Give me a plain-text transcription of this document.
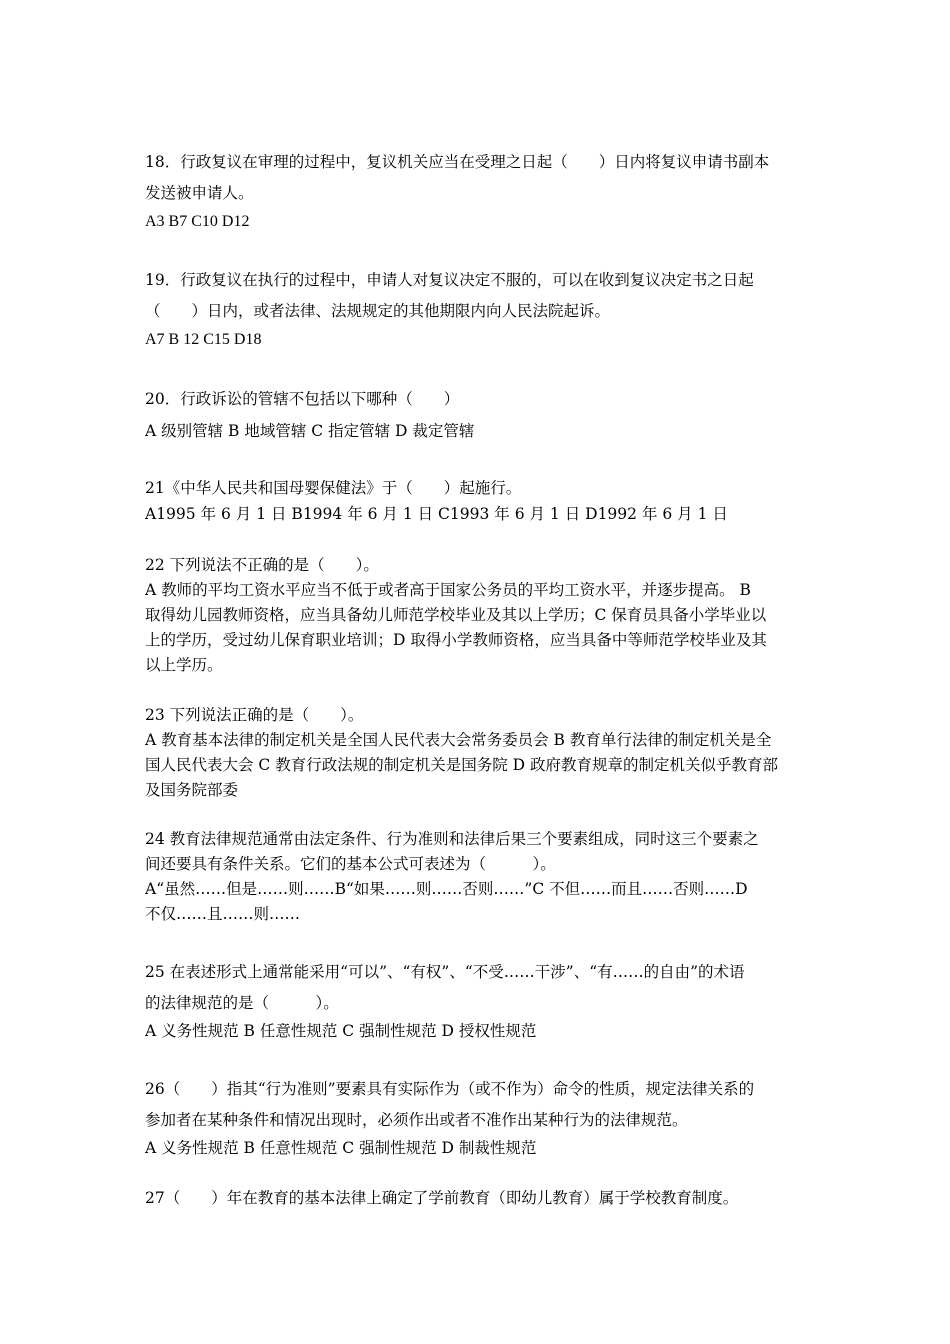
18．行政复议在审理的过程中，复议机关应当在受理之日起（　　）日内将复议申请书副本
发送被申请人。
A3 B7 C10 D12
19．行政复议在执行的过程中，申请人对复议决定不服的，可以在收到复议决定书之日起
（　　）日内，或者法律、法规规定的其他期限内向人民法院起诉。
A7 B 12 C15 D18
20．行政诉讼的管辖不包括以下哪种（　　）
A 级别管辖 B 地域管辖 C 指定管辖 D 裁定管辖
21《中华人民共和国母婴保健法》于（　　）起施行。
A1995 年 6 月 1 日 B1994 年 6 月 1 日 C1993 年 6 月 1 日 D1992 年 6 月 1 日
22 下列说法不正确的是（　　）。
A 教师的平均工资水平应当不低于或者高于国家公务员的平均工资水平，并逐步提高。 B
取得幼儿园教师资格，应当具备幼儿师范学校毕业及其以上学历；C 保育员具备小学毕业以
上的学历，受过幼儿保育职业培训；D 取得小学教师资格，应当具备中等师范学校毕业及其
以上学历。
23 下列说法正确的是（　　）。
A 教育基本法律的制定机关是全国人民代表大会常务委员会 B 教育单行法律的制定机关是全
国人民代表大会 C 教育行政法规的制定机关是国务院 D 政府教育规章的制定机关似乎教育部
及国务院部委
24 教育法律规范通常由法定条件、行为准则和法律后果三个要素组成，同时这三个要素之
间还要具有条件关系。它们的基本公式可表述为（　　　）。
A“虽然……但是……则……B“如果……则……否则……”C 不但……而且……否则……D
不仅……且……则……
25 在表述形式上通常能采用“可以”、“有权”、“不受……干涉”、“有……的自由”的术语
的法律规范的是（　　　）。
A 义务性规范 B 任意性规范 C 强制性规范 D 授权性规范
26（　　）指其“行为准则”要素具有实际作为（或不作为）命令的性质，规定法律关系的
参加者在某种条件和情况出现时，必须作出或者不准作出某种行为的法律规范。
A 义务性规范 B 任意性规范 C 强制性规范 D 制裁性规范
27（　　）年在教育的基本法律上确定了学前教育（即幼儿教育）属于学校教育制度。
